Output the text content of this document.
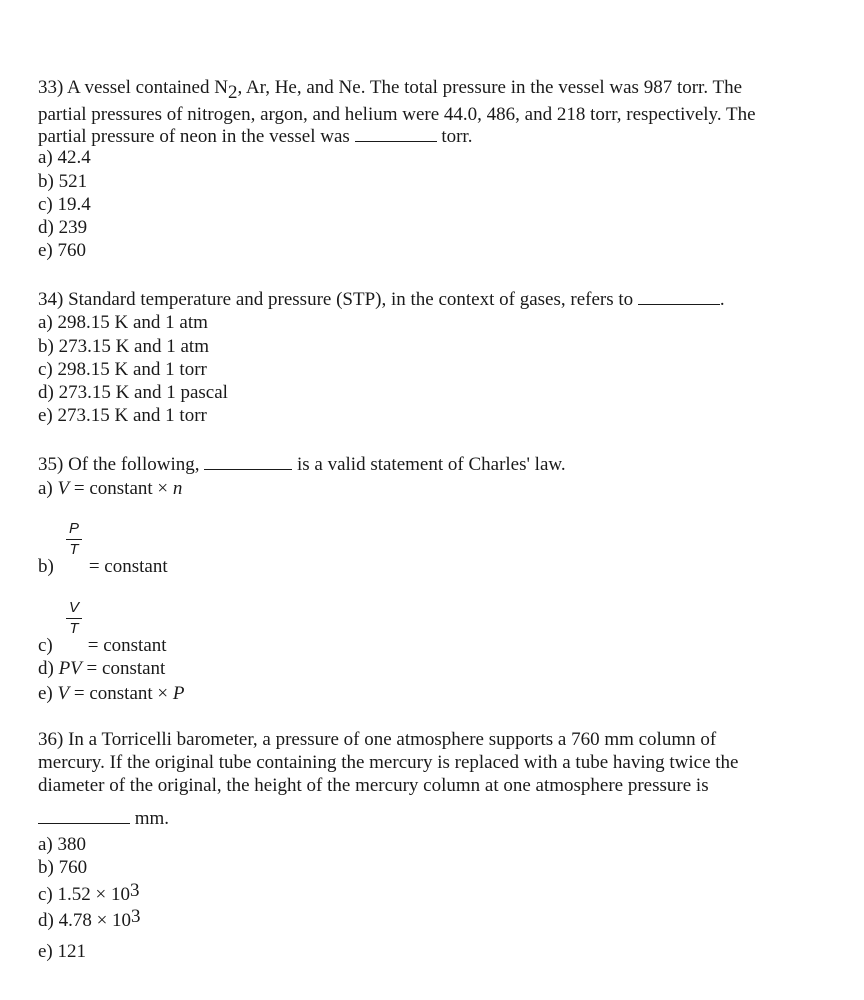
33) A vessel contained N2, Ar, He, and Ne. The total pressure in the vessel was 987 torr. The
partial pressures of nitrogen, argon, and helium were 44.0, 486, and 218 torr, respectively. The
partial pressure of neon in the vessel was	torr.
a) 42.4
b) 521
c) 19.4
d) 239
e) 760
34) Standard temperature and pressure (STP), in the context of gases, refers to	.
a) 298.15 K and 1 atm
b) 273.15 K and 1 atm
c) 298.15 K and 1 torr
d) 273.15 K and 1 pascal
e) 273.15 K and 1 torr
35) Of the following,	is a valid statement of Charles' law.
a) V = constant × n
P
T
b) = constant
V
T
c) = constant
d) PV = constant
e) V = constant × P
36) In a Torricelli barometer, a pressure of one atmosphere supports a 760 mm column of
mercury. If the original tube containing the mercury is replaced with a tube having twice the
diameter of the original, the height of the mercury column at one atmosphere pressure is
mm.
a) 380
b) 760
c) 1.52 × 103
d) 4.78 × 103
e) 121
